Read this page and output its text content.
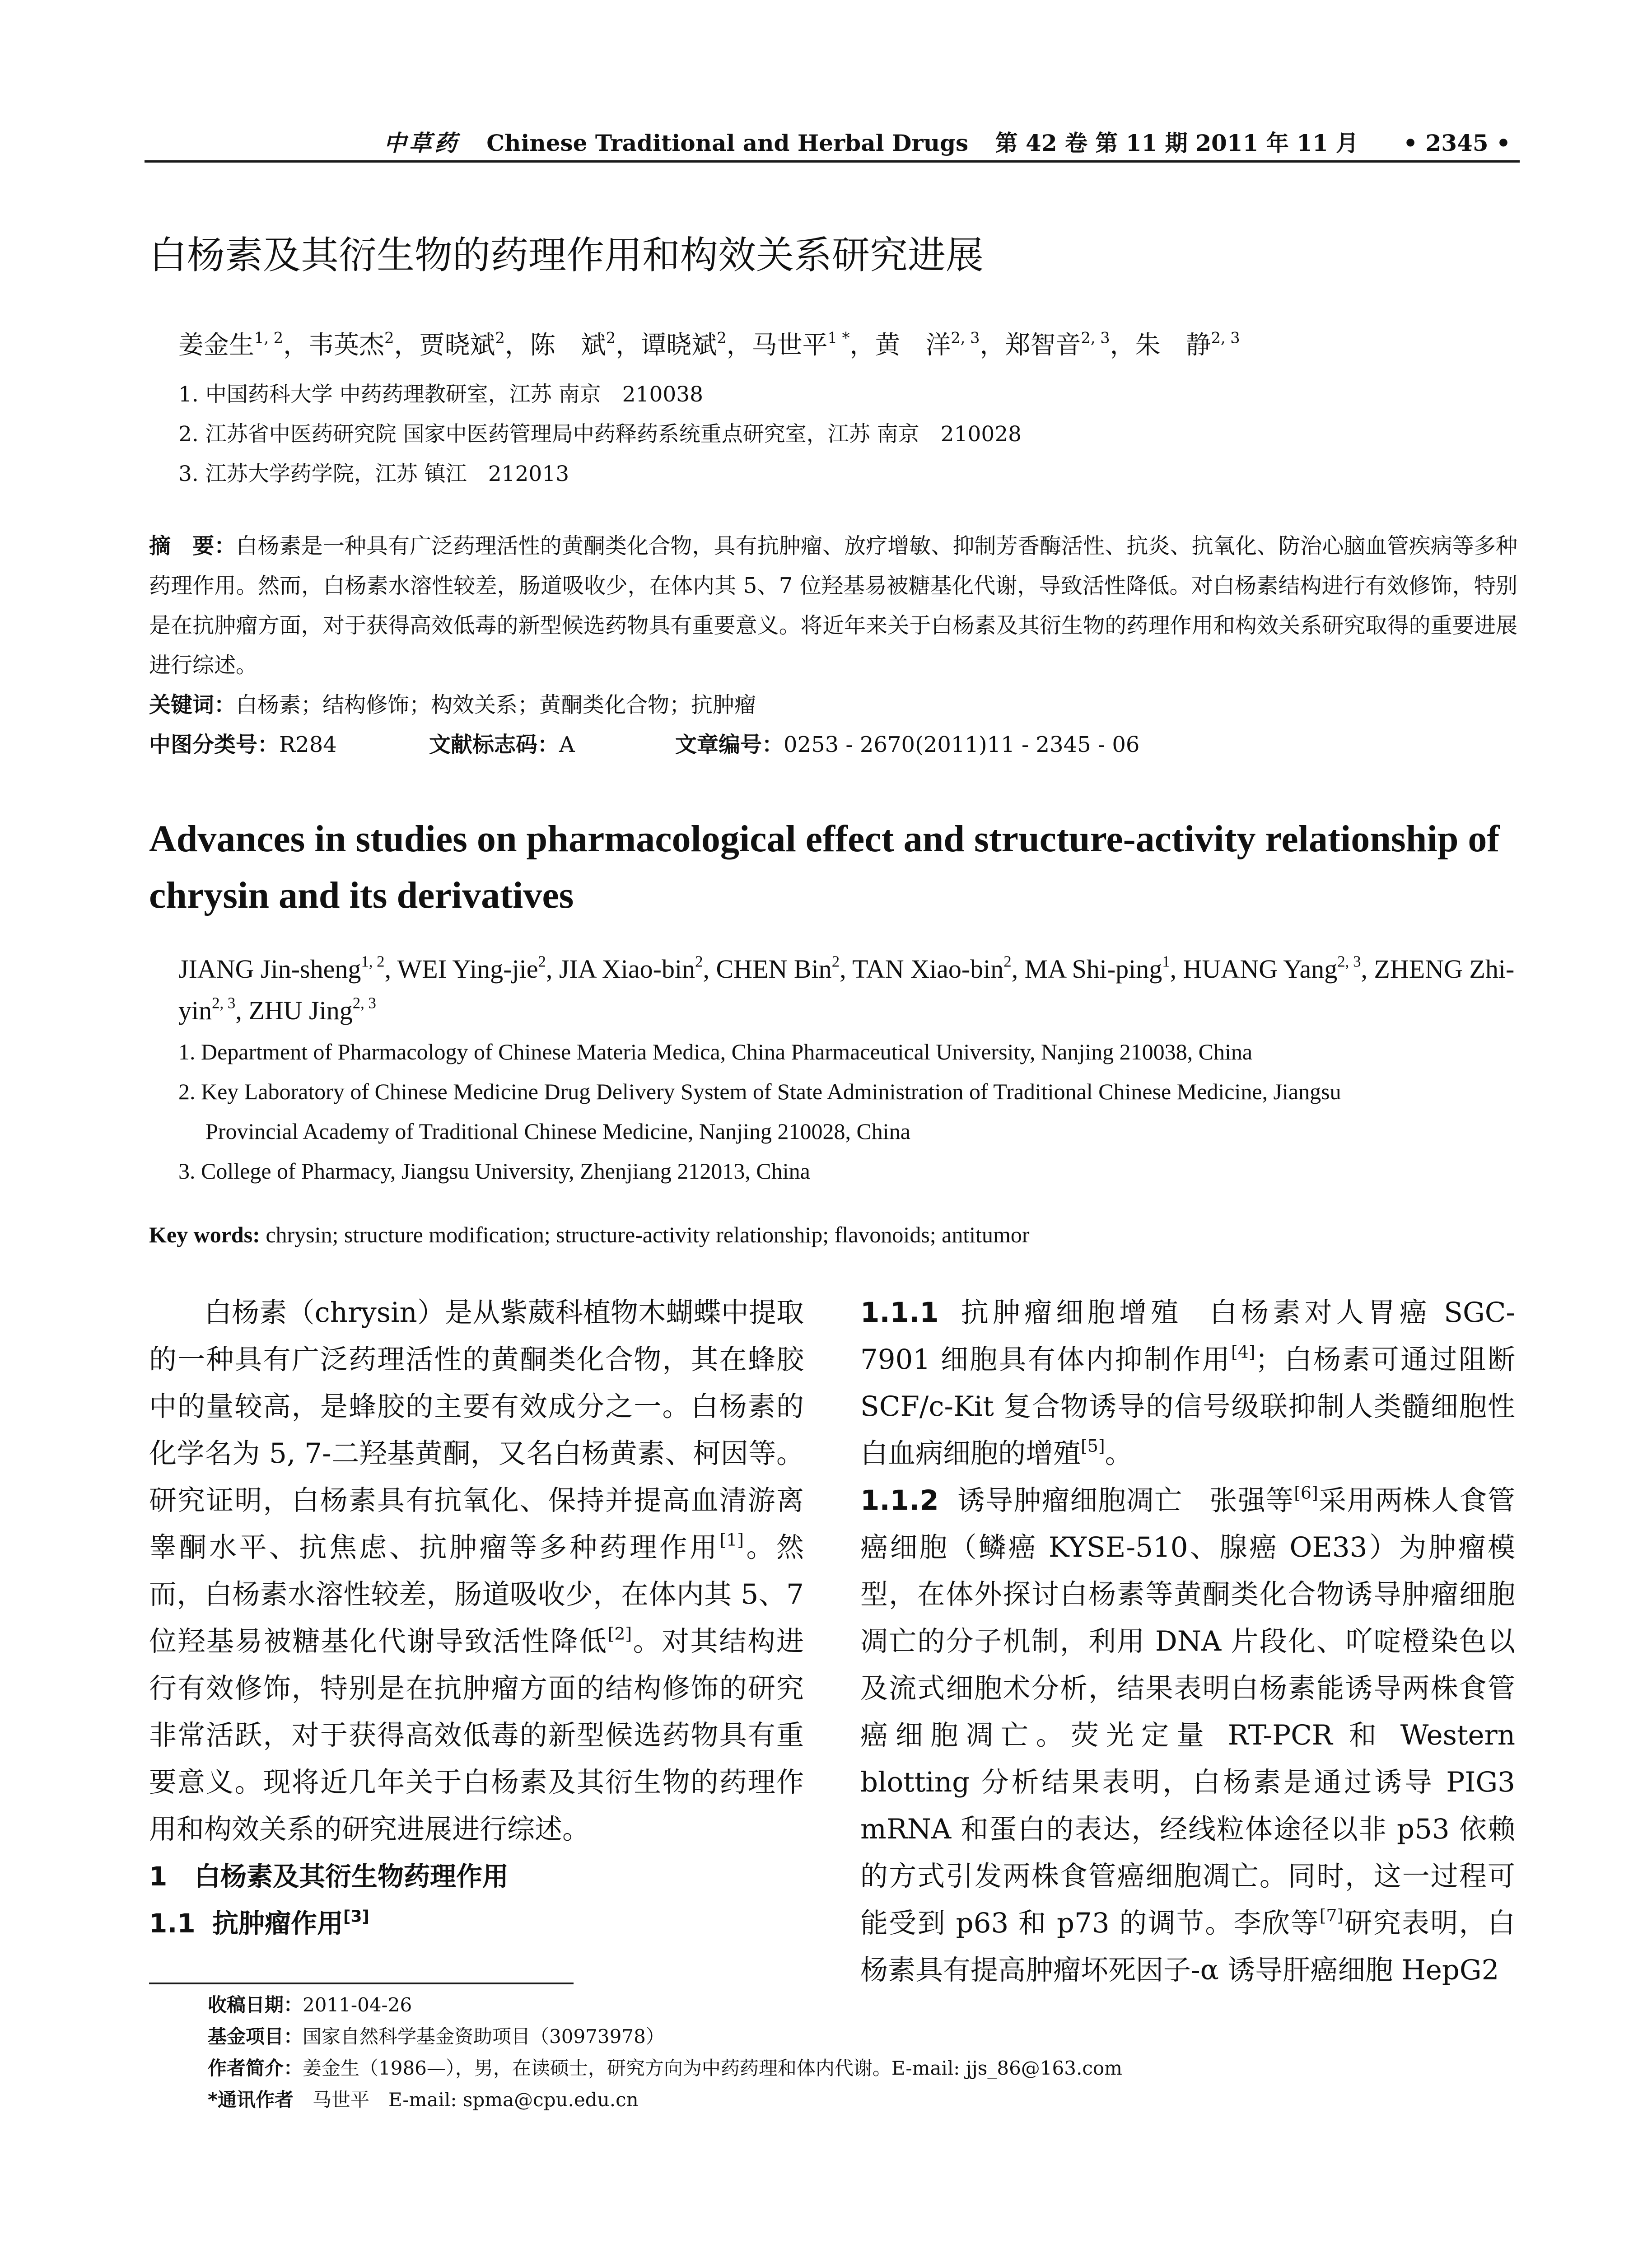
中草药 Chinese Traditional and Herbal Drugs 第 42 卷 第 11 期 2011 年 11 月	• 2345 •
白杨素及其衍生物的药理作用和构效关系研究进展
姜金生$^{1, 2}$，韦英杰$^2$，贾晓斌$^2$，陈　斌$^2$，谭晓斌$^2$，马世平$^{1 *}$，黄　洋$^{2, 3}$，郑智音$^{2, 3}$，朱　静$^{2, 3}$
1. 中国药科大学 中药药理教研室，江苏 南京　210038
2. 江苏省中医药研究院 国家中医药管理局中药释药系统重点研究室，江苏 南京　210028
3. 江苏大学药学院，江苏 镇江　212013

摘　要：白杨素是一种具有广泛药理活性的黄酮类化合物，具有抗肿瘤、放疗增敏、抑制芳香酶活性、抗炎、抗氧化、防治心脑血管疾病等多种药理作用。然而，白杨素水溶性较差，肠道吸收少，在体内其 5、7 位羟基易被糖基化代谢，导致活性降低。对白杨素结构进行有效修饰，特别是在抗肿瘤方面，对于获得高效低毒的新型候选药物具有重要意义。将近年来关于白杨素及其衍生物的药理作用和构效关系研究取得的重要进展进行综述。

关键词：白杨素；结构修饰；构效关系；黄酮类化合物；抗肿瘤

中图分类号：R284	文献标志码：A	文章编号：0253 - 2670(2011)11 - 2345 - 06

Advances in studies on pharmacological effect and structure-activity relationship of chrysin and its derivatives
JIANG Jin-sheng$^{1, 2}$, WEI Ying-jie$^2$, JIA Xiao-bin$^2$, CHEN Bin$^2$, TAN Xiao-bin$^2$, MA Shi-ping$^1$, HUANG Yang$^{2, 3}$, ZHENG Zhi-yin$^{2, 3}$, ZHU Jing$^{2, 3}$
1. Department of Pharmacology of Chinese Materia Medica, China Pharmaceutical University, Nanjing 210038, China
2. Key Laboratory of Chinese Medicine Drug Delivery System of State Administration of Traditional Chinese Medicine, Jiangsu
Provincial Academy of Traditional Chinese Medicine, Nanjing 210028, China
3. College of Pharmacy, Jiangsu University, Zhenjiang 212013, China
Key words: chrysin; structure modification; structure-activity relationship; flavonoids; antitumor

白杨素（chrysin）是从紫葳科植物木蝴蝶中提取的一种具有广泛药理活性的黄酮类化合物，其在蜂胶中的量较高，是蜂胶的主要有效成分之一。白杨素的化学名为 5, 7-二羟基黄酮，又名白杨黄素、柯因等。研究证明，白杨素具有抗氧化、保持并提高血清游离睾酮水平、抗焦虑、抗肿瘤等多种药理作用[1]。然而，白杨素水溶性较差，肠道吸收少，在体内其 5、7 位羟基易被糖基化代谢导致活性降低[2]。对其结构进行有效修饰，特别是在抗肿瘤方面的结构修饰的研究非常活跃，对于获得高效低毒的新型候选药物具有重要意义。现将近几年关于白杨素及其衍生物的药理作用和构效关系的研究进展进行综述。

1 白杨素及其衍生物药理作用

1.1 抗肿瘤作用[3]

1.1.1 抗肿瘤细胞增殖 白杨素对人胃癌 SGC-7901 细胞具有体内抑制作用[4]；白杨素可通过阻断 SCF/c-Kit 复合物诱导的信号级联抑制人类髓细胞性白血病细胞的增殖[5]。

1.1.2 诱导肿瘤细胞凋亡 张强等[6]采用两株人食管癌细胞（鳞癌 KYSE-510、腺癌 OE33）为肿瘤模型，在体外探讨白杨素等黄酮类化合物诱导肿瘤细胞凋亡的分子机制，利用 DNA 片段化、吖啶橙染色以及流式细胞术分析，结果表明白杨素能诱导两株食管癌细胞凋亡。荧光定量 RT-PCR 和 Western blotting 分析结果表明，白杨素是通过诱导 PIG3 mRNA 和蛋白的表达，经线粒体途径以非 p53 依赖的方式引发两株食管癌细胞凋亡。同时，这一过程可能受到 p63 和 p73 的调节。李欣等[7]研究表明，白杨素具有提高肿瘤坏死因子-α 诱导肝癌细胞 HepG2

收稿日期：2011-04-26
基金项目：国家自然科学基金资助项目（30973978）
作者简介：姜金生（1986—），男，在读硕士，研究方向为中药药理和体内代谢。E-mail: jjs_86@163.com
*通讯作者　马世平　E-mail: spma@cpu.edu.cn
